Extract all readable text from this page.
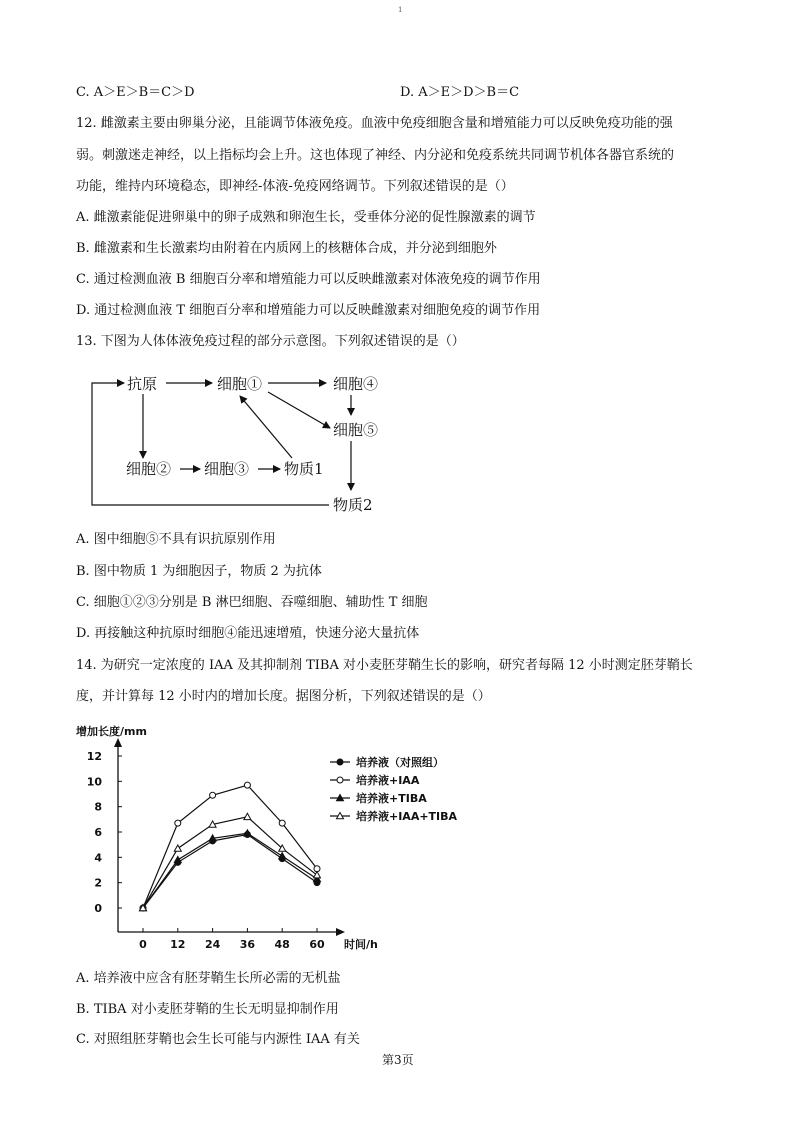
1
C. A＞E＞B＝C＞D	D. A＞E＞D＞B＝C
12. 雌激素主要由卵巢分泌，且能调节体液免疫。血液中免疫细胞含量和增殖能力可以反映免疫功能的强
弱。刺激迷走神经，以上指标均会上升。这也体现了神经、内分泌和免疫系统共同调节机体各器官系统的
功能，维持内环境稳态，即神经-体液-免疫网络调节。下列叙述错误的是（）
A. 雌激素能促进卵巢中的卵子成熟和卵泡生长，受垂体分泌的促性腺激素的调节
B. 雌激素和生长激素均由附着在内质网上的核糖体合成，并分泌到细胞外
C. 通过检测血液 B 细胞百分率和增殖能力可以反映雌激素对体液免疫的调节作用
D. 通过检测血液 T 细胞百分率和增殖能力可以反映雌激素对细胞免疫的调节作用
13. 下图为人体体液免疫过程的部分示意图。下列叙述错误的是（）
抗原	细胞①	细胞④
细胞⑤
细胞② 细胞③ 物质1
物质2
A. 图中细胞⑤不具有识抗原别作用
B. 图中物质 1 为细胞因子，物质 2 为抗体
C. 细胞①②③分别是 B 淋巴细胞、吞噬细胞、辅助性 T 细胞
D. 再接触这种抗原时细胞④能迅速增殖，快速分泌大量抗体
14. 为研究一定浓度的 IAA 及其抑制剂 TIBA 对小麦胚芽鞘生长的影响，研究者每隔 12 小时测定胚芽鞘长
度，并计算每 12 小时内的增加长度。据图分析，下列叙述错误的是（）
0
2
4
6
8
10
12
0 12 24 36 48 60
增加长度/mm
时间/h
培养液（对照组）
培养液+IAA
培养液+TIBA
培养液+IAA+TIBA
A. 培养液中应含有胚芽鞘生长所必需的无机盐
B. TIBA 对小麦胚芽鞘的生长无明显抑制作用
C. 对照组胚芽鞘也会生长可能与内源性 IAA 有关
第3页
